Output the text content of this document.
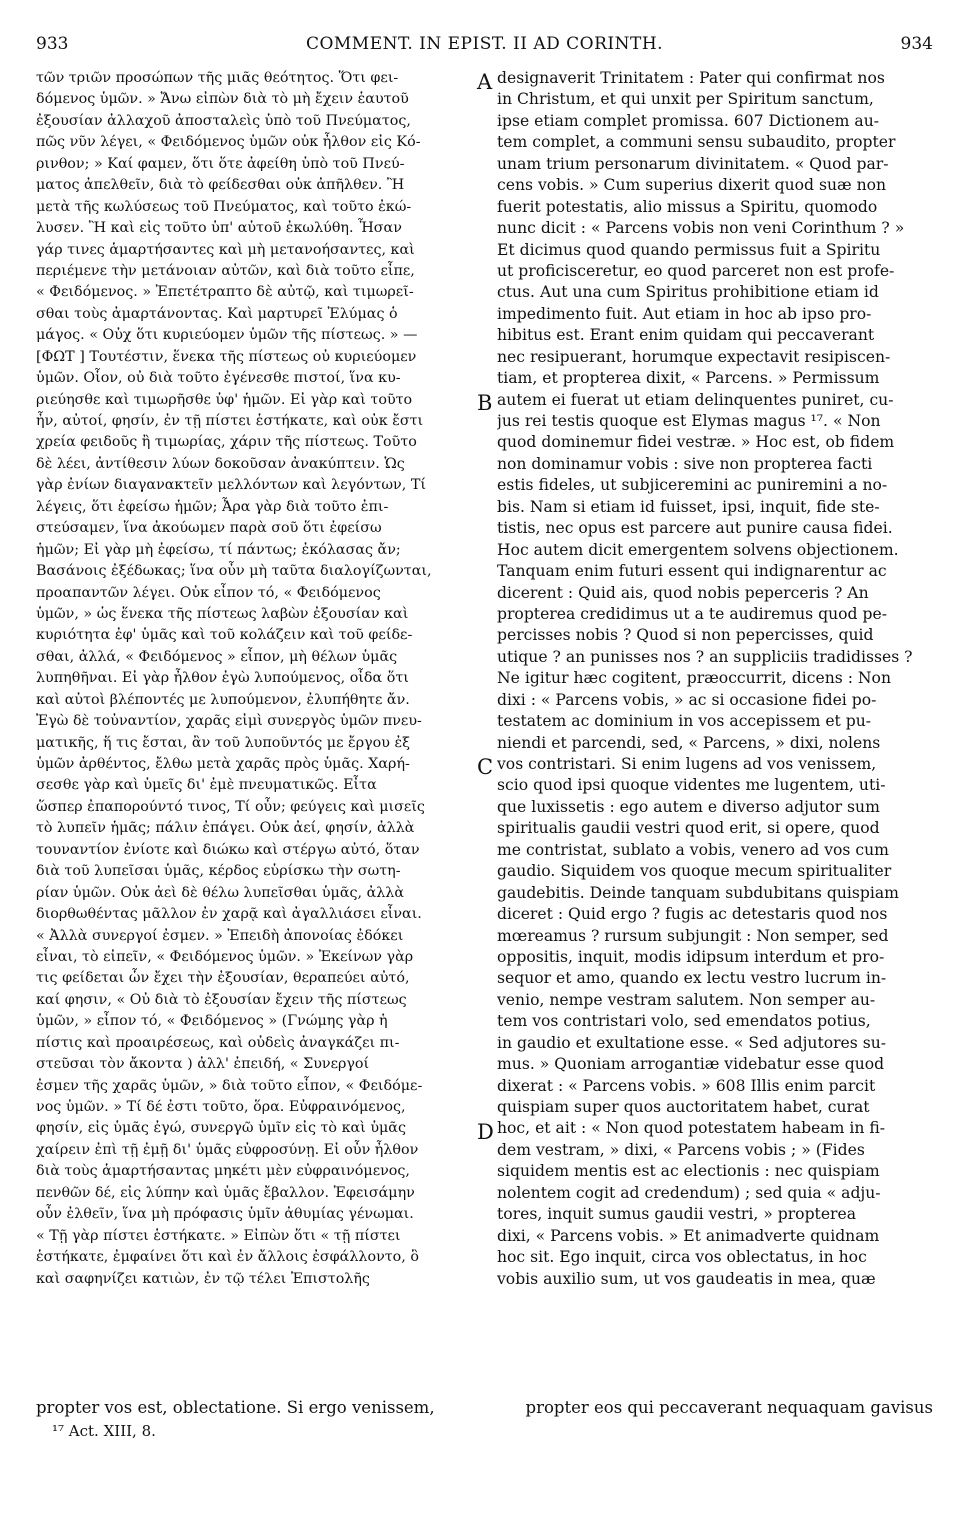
933	COMMENT. IN EPIST. II AD CORINTH.	934
τῶν τριῶν προσώπων τῆς μιᾶς θεότητος. Ὅτι φει-
δόμενος ὑμῶν. » Ἄνω εἰπὼν διὰ τὸ μὴ ἔχειν ἑαυτοῦ
ἐξουσίαν ἀλλαχοῦ ἀποσταλεὶς ὑπὸ τοῦ Πνεύματος,
πῶς νῦν λέγει, « Φειδόμενος ὑμῶν οὐκ ἦλθον εἰς Κό-
ρινθον; » Καί φαμεν, ὅτι ὅτε ἀφείθη ὑπὸ τοῦ Πνεύ-
ματος ἀπελθεῖν, διὰ τὸ φείδεσθαι οὐκ ἀπῆλθεν. Ἢ
μετὰ τῆς κωλύσεως τοῦ Πνεύματος, καὶ τοῦτο ἐκώ-
λυσεν. Ἢ καὶ εἰς τοῦτο ὑπ' αὐτοῦ ἐκωλύθη. Ἦσαν
γάρ τινες ἁμαρτήσαντες καὶ μὴ μετανοήσαντες, καὶ
περιέμενε τὴν μετάνοιαν αὐτῶν, καὶ διὰ τοῦτο εἶπε,
« Φειδόμενος. » Ἐπετέτραπτο δὲ αὐτῷ, καὶ τιμωρεῖ-
σθαι τοὺς ἁμαρτάνοντας. Καὶ μαρτυρεῖ Ἐλύμας ὁ
μάγος. « Οὐχ ὅτι κυριεύομεν ὑμῶν τῆς πίστεως. » —
[ΦΩΤ ] Τουτέστιν, ἕνεκα τῆς πίστεως οὐ κυριεύομεν
ὑμῶν. Οἷον, οὐ διὰ τοῦτο ἐγένεσθε πιστοί, ἵνα κυ-
ριεύησθε καὶ τιμωρῆσθε ὑφ' ἡμῶν. Εἰ γὰρ καὶ τοῦτο
ἦν, αὐτοί, φησίν, ἐν τῇ πίστει ἑστήκατε, καὶ οὐκ ἔστι
χρεία φειδοῦς ἢ τιμωρίας, χάριν τῆς πίστεως. Τοῦτο
δὲ λέει, ἀντίθεσιν λύων δοκοῦσαν ἀνακύπτειν. Ὡς
γὰρ ἐνίων διαγανακτεῖν μελλόντων καὶ λεγόντων, Τί
λέγεις, ὅτι ἐφείσω ἡμῶν; Ἆρα γὰρ διὰ τοῦτο ἐπι-
στεύσαμεν, ἵνα ἀκούωμεν παρὰ σοῦ ὅτι ἐφείσω
ἡμῶν; Εἰ γὰρ μὴ ἐφείσω, τί πάντως; ἐκόλασας ἄν;
Βασάνοις ἐξέδωκας; ἵνα οὖν μὴ ταῦτα διαλογίζωνται,
προαπαντῶν λέγει. Οὐκ εἶπον τό, « Φειδόμενος
ὑμῶν, » ὡς ἕνεκα τῆς πίστεως λαβὼν ἐξουσίαν καὶ
κυριότητα ἐφ' ὑμᾶς καὶ τοῦ κολάζειν καὶ τοῦ φείδε-
σθαι, ἀλλά, « Φειδόμενος » εἶπον, μὴ θέλων ὑμᾶς
λυπηθῆναι. Εἰ γὰρ ἦλθον ἐγὼ λυπούμενος, οἶδα ὅτι
καὶ αὐτοὶ βλέποντές με λυπούμενον, ἐλυπήθητε ἄν.
Ἐγὼ δὲ τοὐναντίον, χαρᾶς εἰμὶ συνεργὸς ὑμῶν πνευ-
ματικῆς, ἥ τις ἔσται, ἂν τοῦ λυποῦντός με ἔργου ἐξ
ὑμῶν ἀρθέντος, ἔλθω μετὰ χαρᾶς πρὸς ὑμᾶς. Χαρή-
σεσθε γὰρ καὶ ὑμεῖς δι' ἐμὲ πνευματικῶς. Εἶτα
ὥσπερ ἐπαπορούντό τινος, Τί οὖν; φεύγεις καὶ μισεῖς
τὸ λυπεῖν ἡμᾶς; πάλιν ἐπάγει. Οὐκ ἀεί, φησίν, ἀλλὰ
τουναντίον ἐνίοτε καὶ διώκω καὶ στέργω αὐτό, ὅταν
διὰ τοῦ λυπεῖσαι ὑμᾶς, κέρδος εὑρίσκω τὴν σωτη-
ρίαν ὑμῶν. Οὐκ ἀεὶ δὲ θέλω λυπεῖσθαι ὑμᾶς, ἀλλὰ
διορθωθέντας μᾶλλον ἐν χαρᾷ καὶ ἀγαλλιάσει εἶναι.
« Ἀλλὰ συνεργοί ἐσμεν. » Ἐπειδὴ ἀπονοίας ἐδόκει
εἶναι, τὸ εἰπεῖν, « Φειδόμενος ὑμῶν. » Ἐκείνων γὰρ
τις φείδεται ὧν ἔχει τὴν ἐξουσίαν, θεραπεύει αὐτό,
καί φησιν, « Οὐ διὰ τὸ ἐξουσίαν ἔχειν τῆς πίστεως
ὑμῶν, » εἶπον τό, « Φειδόμενος » (Γνώμης γὰρ ἡ
πίστις καὶ προαιρέσεως, καὶ οὐδεὶς ἀναγκάζει πι-
στεῦσαι τὸν ἄκοντα ) ἀλλ' ἐπειδή, « Συνεργοί
ἐσμεν τῆς χαρᾶς ὑμῶν, » διὰ τοῦτο εἶπον, « Φειδόμε-
νος ὑμῶν. » Τί δέ ἐστι τοῦτο, ὅρα. Εὐφραινόμενος,
φησίν, εἰς ὑμᾶς ἐγώ, συνεργῶ ὑμῖν εἰς τὸ καὶ ὑμᾶς
χαίρειν ἐπὶ τῇ ἐμῇ δι' ὑμᾶς εὐφροσύνῃ. Εἰ οὖν ἦλθον
διὰ τοὺς ἁμαρτήσαντας μηκέτι μὲν εὐφραινόμενος,
πενθῶν δέ, εἰς λύπην καὶ ὑμᾶς ἔβαλλον. Ἐφεισάμην
οὖν ἐλθεῖν, ἵνα μὴ πρόφασις ὑμῖν ἀθυμίας γένωμαι.
« Τῇ γὰρ πίστει ἑστήκατε. » Εἰπὼν ὅτι « τῇ πίστει
ἑστήκατε, ἐμφαίνει ὅτι καὶ ἐν ἄλλοις ἐσφάλλοντο, ὃ
καὶ σαφηνίζει κατιὼν, ἐν τῷ τέλει Ἐπιστολῆς
designaverit Trinitatem : Pater qui confirmat nos
in Christum, et qui unxit per Spiritum sanctum,
ipse etiam complet promissa. 607 Dictionem au-
tem complet, a communi sensu subaudito, propter
unam trium personarum divinitatem. « Quod par-
cens vobis. » Cum superius dixerit quod suæ non
fuerit potestatis, alio missus a Spiritu, quomodo
nunc dicit : « Parcens vobis non veni Corinthum ? »
Et dicimus quod quando permissus fuit a Spiritu
ut proficisceretur, eo quod parceret non est profe-
ctus. Aut una cum Spiritus prohibitione etiam id
impedimento fuit. Aut etiam in hoc ab ipso pro-
hibitus est. Erant enim quidam qui peccaverant
nec resipuerant, horumque expectavit resipiscen-
tiam, et propterea dixit, « Parcens. » Permissum
autem ei fuerat ut etiam delinquentes puniret, cu-
jus rei testis quoque est Elymas magus ¹⁷. « Non
quod dominemur fidei vestræ. » Hoc est, ob fidem
non dominamur vobis : sive non propterea facti
estis fideles, ut subjiceremini ac puniremini a no-
bis. Nam si etiam id fuisset, ipsi, inquit, fide ste-
tistis, nec opus est parcere aut punire causa fidei.
Hoc autem dicit emergentem solvens objectionem.
Tanquam enim futuri essent qui indignarentur ac
dicerent : Quid ais, quod nobis peperceris ? An
propterea credidimus ut a te audiremus quod pe-
percisses nobis ? Quod si non pepercisses, quid
utique ? an punisses nos ? an suppliciis tradidisses ?
Ne igitur hæc cogitent, præoccurrit, dicens : Non
dixi : « Parcens vobis, » ac si occasione fidei po-
testatem ac dominium in vos accepissem et pu-
niendi et parcendi, sed, « Parcens, » dixi, nolens
vos contristari. Si enim lugens ad vos venissem,
scio quod ipsi quoque videntes me lugentem, uti-
que luxissetis : ego autem e diverso adjutor sum
spiritualis gaudii vestri quod erit, si opere, quod
me contristat, sublato a vobis, venero ad vos cum
gaudio. Siquidem vos quoque mecum spiritualiter
gaudebitis. Deinde tanquam subdubitans quispiam
diceret : Quid ergo ? fugis ac detestaris quod nos
mœreamus ? rursum subjungit : Non semper, sed
oppositis, inquit, modis idipsum interdum et pro-
sequor et amo, quando ex lectu vestro lucrum in-
venio, nempe vestram salutem. Non semper au-
tem vos contristari volo, sed emendatos potius,
in gaudio et exultatione esse. « Sed adjutores su-
mus. » Quoniam arrogantiæ videbatur esse quod
dixerat : « Parcens vobis. » 608 Illis enim parcit
quispiam super quos auctoritatem habet, curat
hoc, et ait : « Non quod potestatem habeam in fi-
dem vestram, » dixi, « Parcens vobis ; » (Fides
siquidem mentis est ac electionis : nec quispiam
nolentem cogit ad credendum) ; sed quia « adju-
tores, inquit sumus gaudii vestri, » propterea
dixi, « Parcens vobis. » Et animadverte quidnam
hoc sit. Ego inquit, circa vos oblectatus, in hoc
vobis auxilio sum, ut vos gaudeatis in mea, quæ
A
B
C
D
propter vos est, oblectatione. Si ergo venissem,	propter eos qui peccaverant nequaquam gavisus
¹⁷ Act. XIII, 8.
